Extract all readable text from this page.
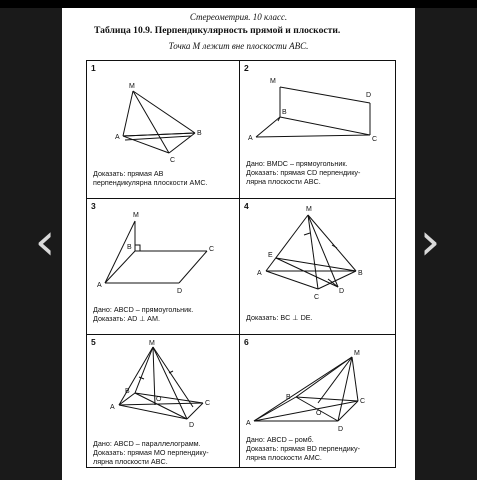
‹	›
Стереометрия. 10 класс.
Таблица 10.9. Перпендикулярность прямой и плоскости.
Точка М лежит вне плоскости ABC.
M
A
B
C
1
Доказать: прямая AB
перпендикулярна плоскости AMC.
M
D
B
A	C
2
Дано: BMDC – прямоугольник.
Доказать: прямая CD перпендику-
лярна плоскости ABC.
M
B	C
A
D
3
Дано: ABCD – прямоугольник.
Доказать: AD ⊥ AM.
M
E
A	B
C
D
4
Доказать: BC ⊥ DE.
M
B
O
C
A
D
5
Дано: ABCD – параллелограмм.
Доказать: прямая MO перпендику-
лярна плоскости ABC.
M
B
O
C
A
D
6
Дано: ABCD – ромб.
Доказать: прямая BD перпендику-
лярна плоскости AMC.
